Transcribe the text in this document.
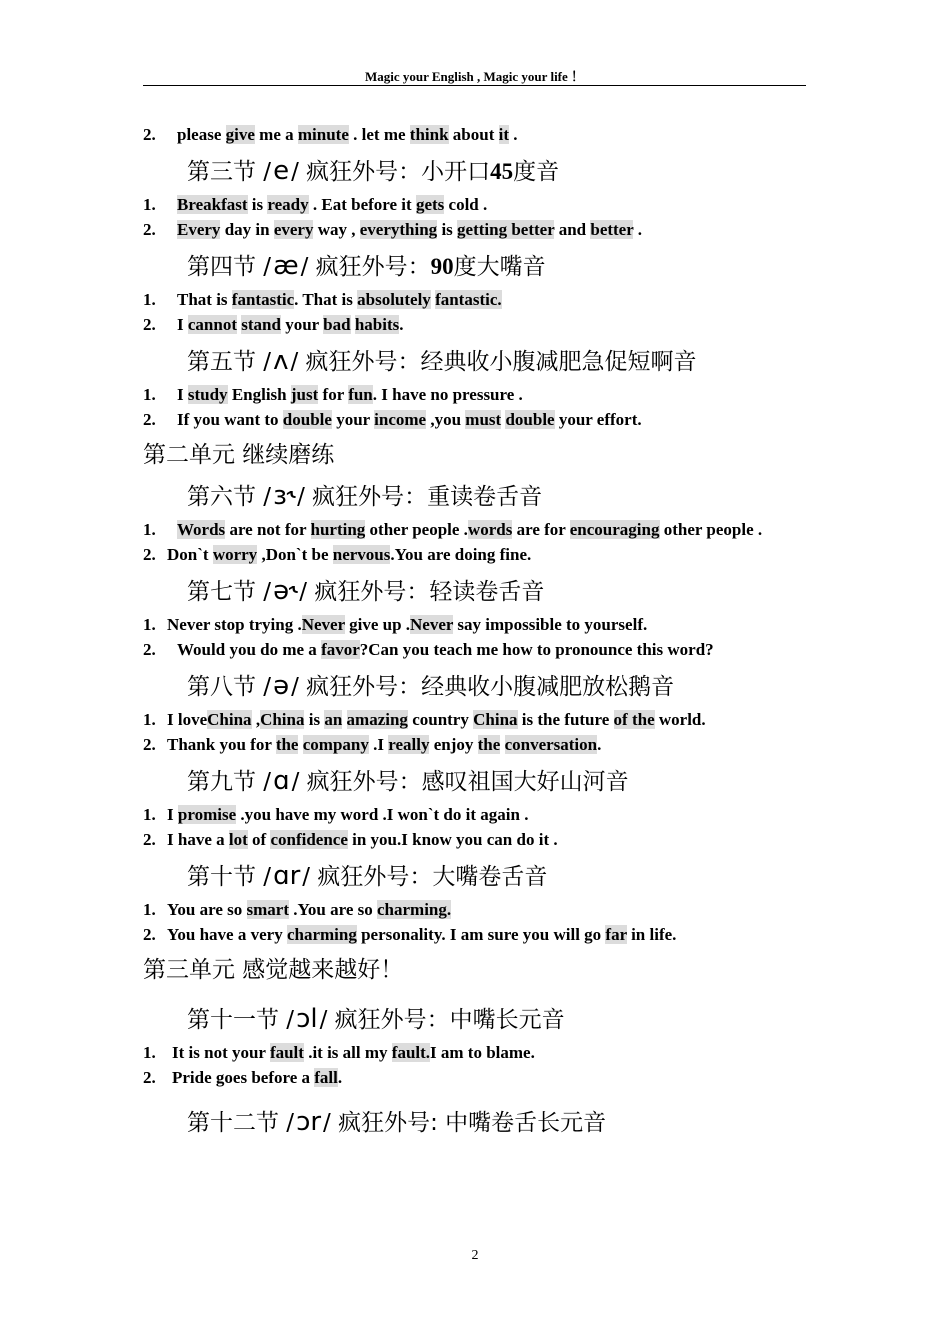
Magic your English , Magic your life ！
2. please give me a minute . let me think about it .
第三节 /e/ 疯狂外号：小开口45度音
1. Breakfast is ready . Eat before it gets cold .
2. Every day in every way , everything is getting better and better .
第四节 /æ/ 疯狂外号：90度大嘴音
1. That is fantastic. That is absolutely fantastic.
2. I cannot stand your bad habits.
第五节 /ʌ/ 疯狂外号：经典收小腹减肥急促短啊音
1. I study English just for fun. I have no pressure .
2. If you want to double your income ,you must double your effort.
第二单元 继续磨练
第六节 /ɜ˞/ 疯狂外号：重读卷舌音
1.	Words are not for hurting other people .words are for encouraging other people .
2. Don`t worry ,Don`t be nervous.You are doing fine.
第七节 /ə˞/ 疯狂外号：轻读卷舌音
1. Never stop trying .Never give up .Never say impossible to yourself.
2. Would you do me a favor?Can you teach me how to pronounce this word?
第八节 /ə/ 疯狂外号：经典收小腹减肥放松鹅音
1. I loveChina ,China is an amazing country China is the future of the world.
2. Thank you for the company .I really enjoy the conversation.
第九节 /ɑ/ 疯狂外号：感叹祖国大好山河音
1. I promise .you have my word .I won`t do it again .
2. I have a lot of confidence in you.I know you can do it .
第十节 /ɑr/ 疯狂外号：大嘴卷舌音
1. You are so smart .You are so charming.
2. You have a very charming personality. I am sure you will go far in life.
第三单元 感觉越来越好！
第十一节 /ɔl/ 疯狂外号：中嘴长元音
1. It is not your fault .it is all my fault.I am to blame.
2. Pride goes before a fall.
第十二节 /ɔr/ 疯狂外号: 中嘴卷舌长元音
2
